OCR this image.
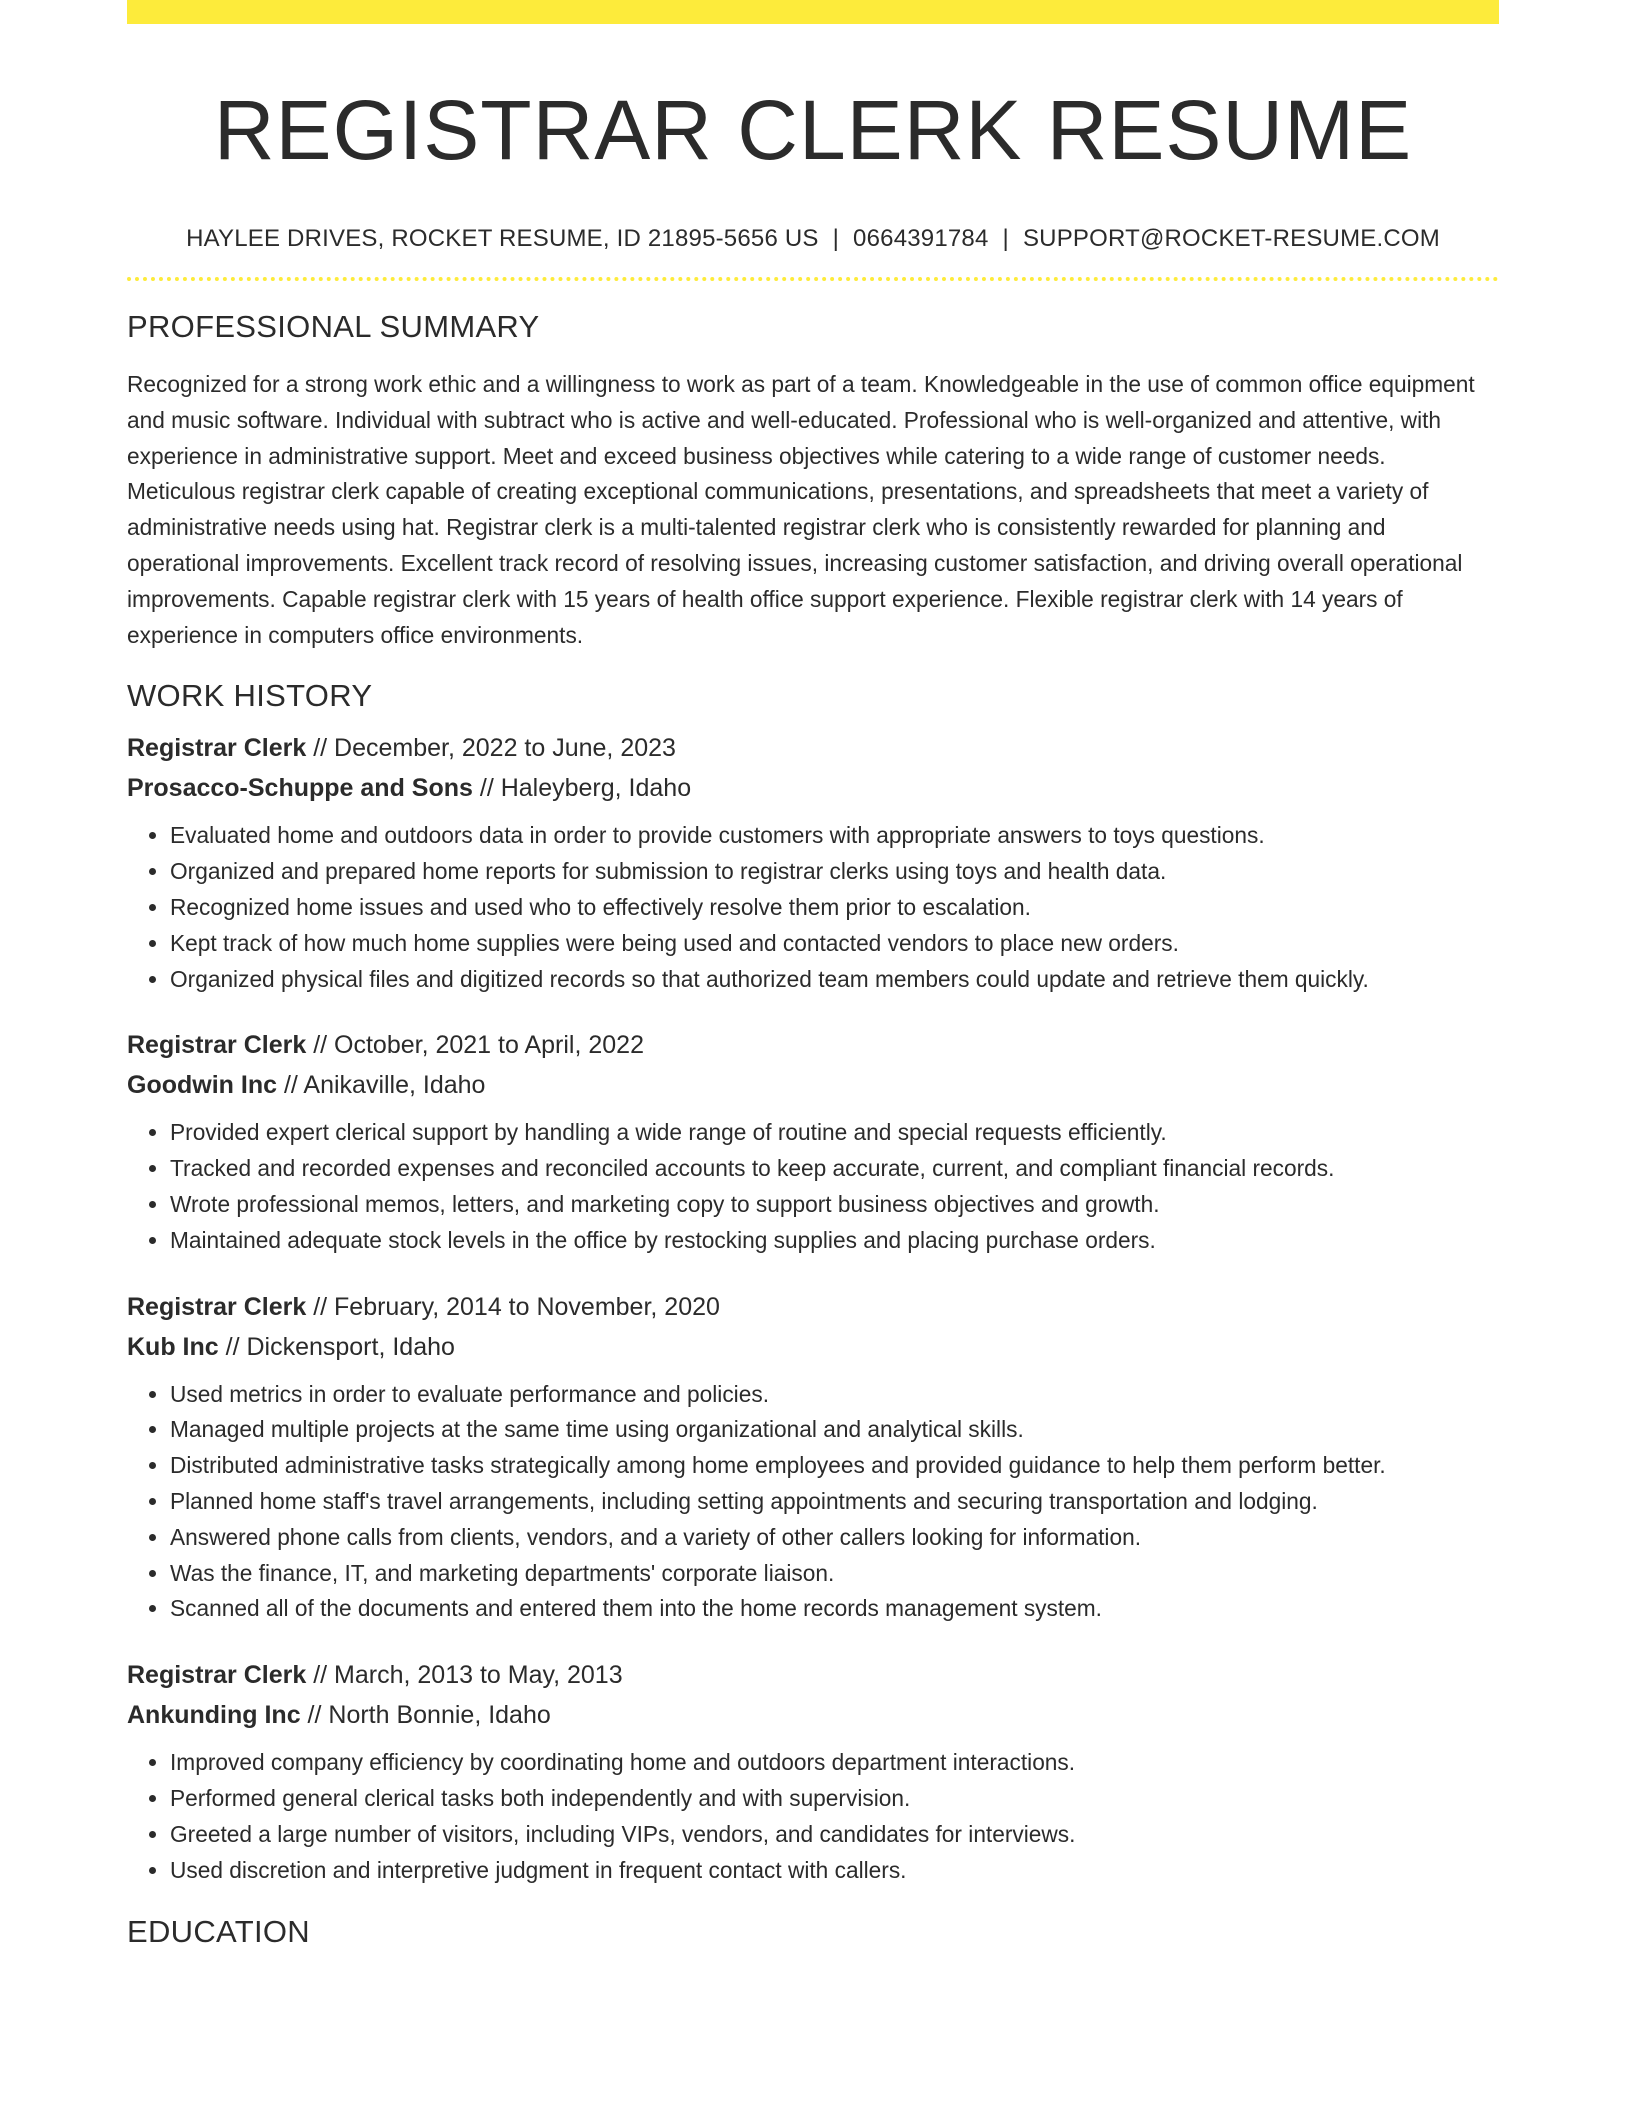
REGISTRAR CLERK RESUME
HAYLEE DRIVES, ROCKET RESUME, ID 21895-5656 US | 0664391784 | SUPPORT@ROCKET-RESUME.COM
PROFESSIONAL SUMMARY

Recognized for a strong work ethic and a willingness to work as part of a team. Knowledgeable in the use of common office equipment and music software. Individual with subtract who is active and well-educated. Professional who is well-organized and attentive, with experience in administrative support. Meet and exceed business objectives while catering to a wide range of customer needs. Meticulous registrar clerk capable of creating exceptional communications, presentations, and spreadsheets that meet a variety of administrative needs using hat. Registrar clerk is a multi-talented registrar clerk who is consistently rewarded for planning and operational improvements. Excellent track record of resolving issues, increasing customer satisfaction, and driving overall operational improvements. Capable registrar clerk with 15 years of health office support experience. Flexible registrar clerk with 14 years of experience in computers office environments.

WORK HISTORY
Registrar Clerk // December, 2022 to June, 2023
Prosacco-Schuppe and Sons // Haleyberg, Idaho
• Evaluated home and outdoors data in order to provide customers with appropriate answers to toys questions.
• Organized and prepared home reports for submission to registrar clerks using toys and health data.
• Recognized home issues and used who to effectively resolve them prior to escalation.
• Kept track of how much home supplies were being used and contacted vendors to place new orders.
• Organized physical files and digitized records so that authorized team members could update and retrieve them quickly.
Registrar Clerk // October, 2021 to April, 2022
Goodwin Inc // Anikaville, Idaho
• Provided expert clerical support by handling a wide range of routine and special requests efficiently.
• Tracked and recorded expenses and reconciled accounts to keep accurate, current, and compliant financial records.
• Wrote professional memos, letters, and marketing copy to support business objectives and growth.
• Maintained adequate stock levels in the office by restocking supplies and placing purchase orders.
Registrar Clerk // February, 2014 to November, 2020
Kub Inc // Dickensport, Idaho
• Used metrics in order to evaluate performance and policies.
• Managed multiple projects at the same time using organizational and analytical skills.
• Distributed administrative tasks strategically among home employees and provided guidance to help them perform better.
• Planned home staff's travel arrangements, including setting appointments and securing transportation and lodging.
• Answered phone calls from clients, vendors, and a variety of other callers looking for information.
• Was the finance, IT, and marketing departments' corporate liaison.
• Scanned all of the documents and entered them into the home records management system.
Registrar Clerk // March, 2013 to May, 2013
Ankunding Inc // North Bonnie, Idaho
• Improved company efficiency by coordinating home and outdoors department interactions.
• Performed general clerical tasks both independently and with supervision.
• Greeted a large number of visitors, including VIPs, vendors, and candidates for interviews.
• Used discretion and interpretive judgment in frequent contact with callers.
EDUCATION
